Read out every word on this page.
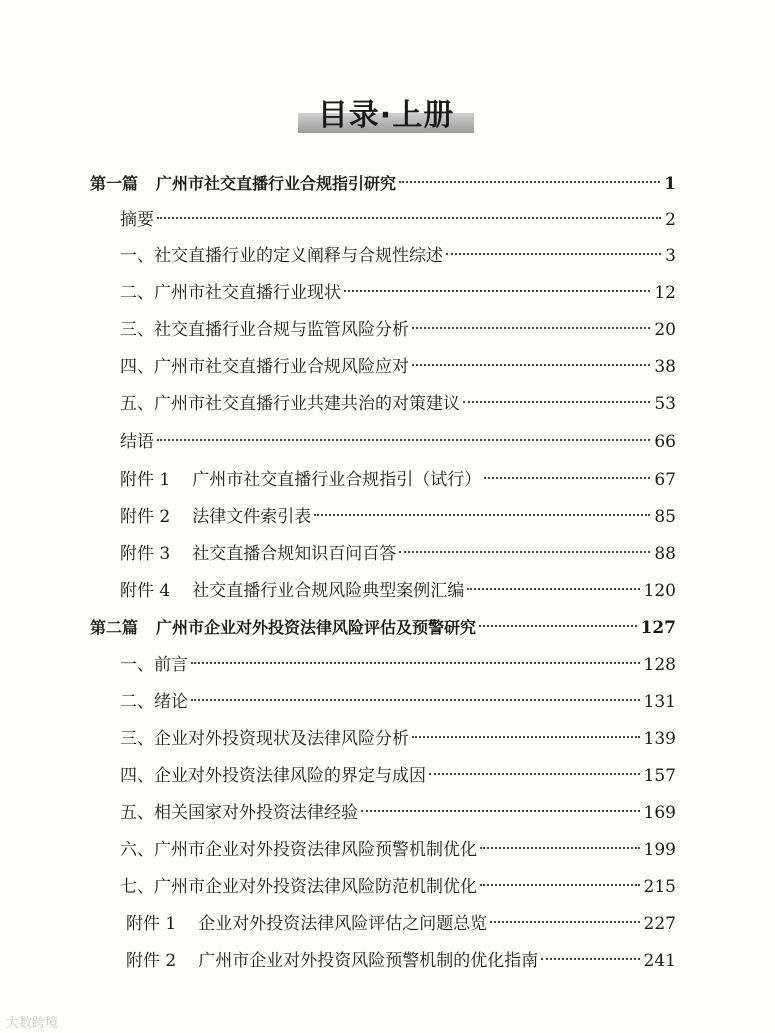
目录·上册
第一篇 广州市社交直播行业合规指引研究	1
摘要	2
一、社交直播行业的定义阐释与合规性综述	3
二、广州市社交直播行业现状	12
三、社交直播行业合规与监管风险分析	20
四、广州市社交直播行业合规风险应对	38
五、广州市社交直播行业共建共治的对策建议	53
结语	66
附件 1 广州市社交直播行业合规指引（试行）	67
附件 2 法律文件索引表	85
附件 3 社交直播合规知识百问百答	88
附件 4 社交直播行业合规风险典型案例汇编	120
第二篇 广州市企业对外投资法律风险评估及预警研究	127
一、前言	128
二、绪论	131
三、企业对外投资现状及法律风险分析	139
四、企业对外投资法律风险的界定与成因	157
五、相关国家对外投资法律经验	169
六、广州市企业对外投资法律风险预警机制优化	199
七、广州市企业对外投资法律风险防范机制优化	215
附件 1 企业对外投资法律风险评估之问题总览	227
附件 2 广州市企业对外投资风险预警机制的优化指南	241
大数跨境
